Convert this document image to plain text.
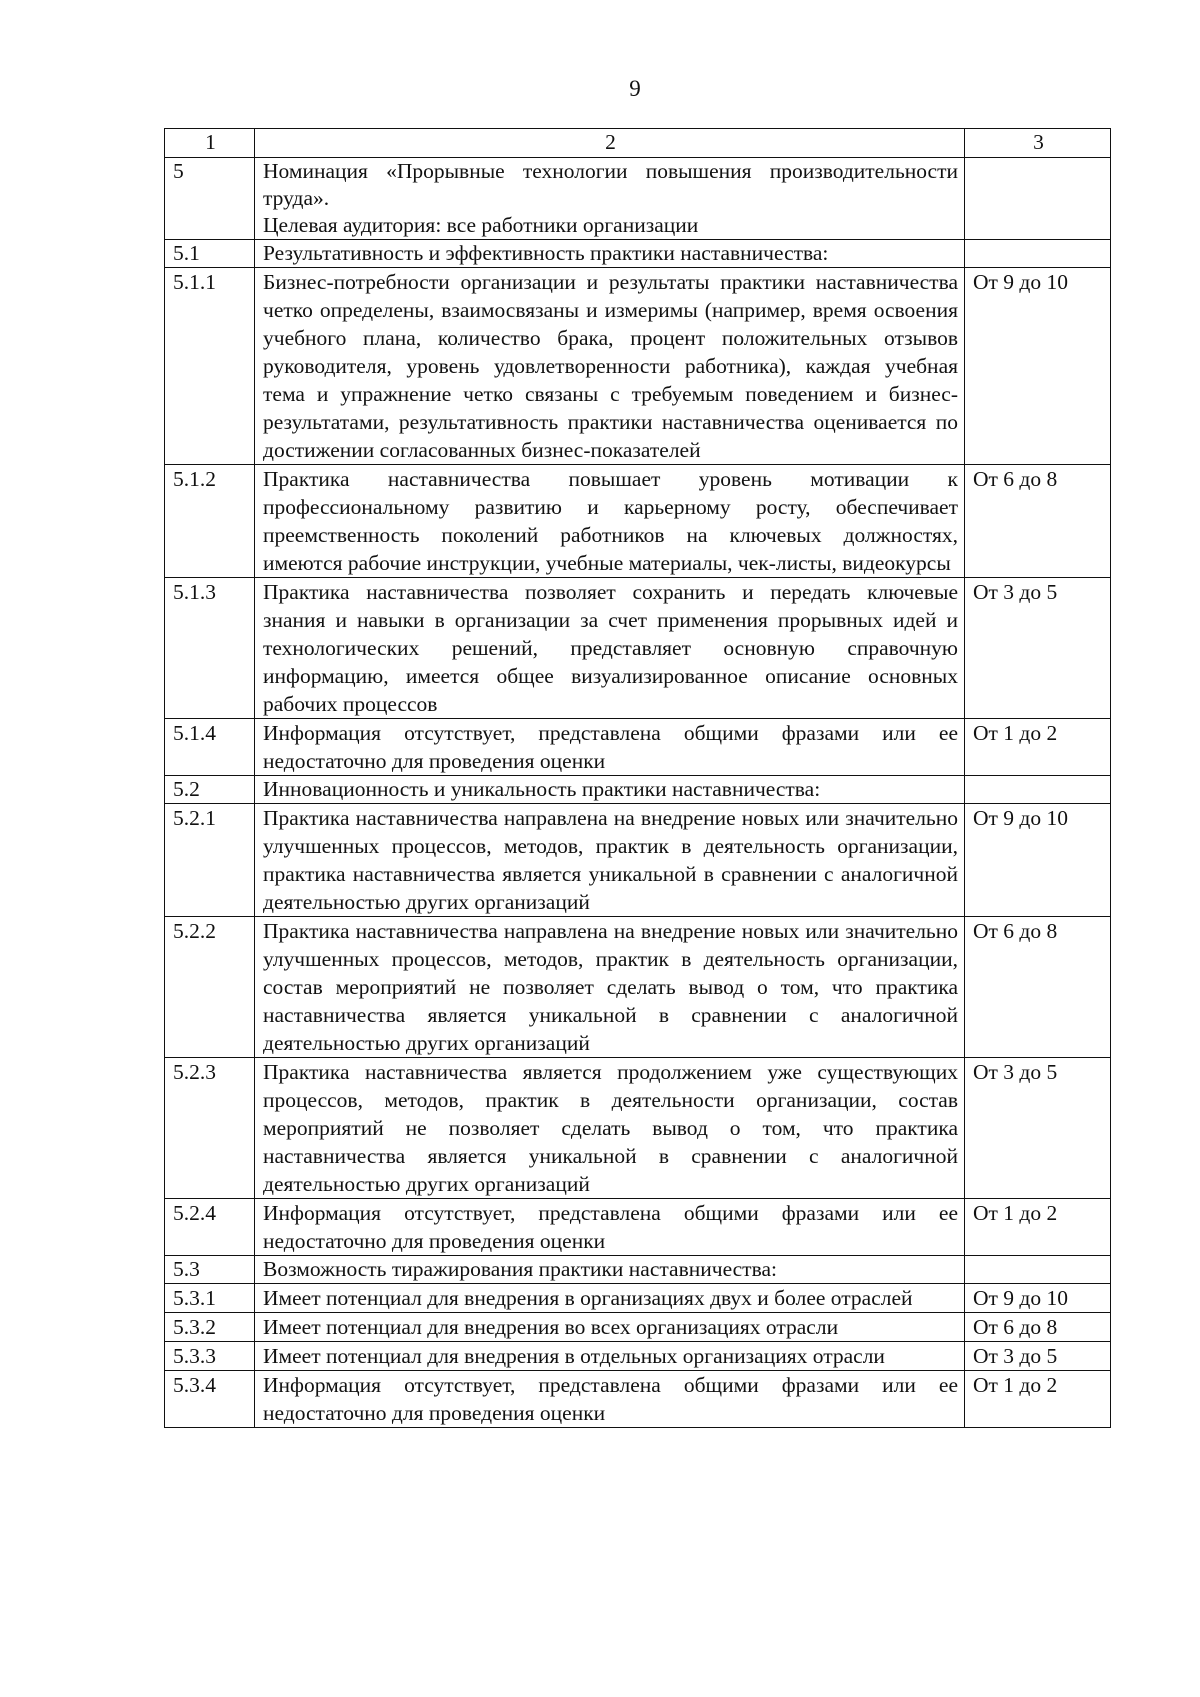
9
1	2	3
5	Номинация «Прорывные технологии повышения производительности труда».
Целевая аудитория: все работники организации	
5.1	Результативность и эффективность практики наставничества:	
5.1.1	Бизнес-потребности организации и результаты практики наставничества четко определены, взаимосвязаны и измеримы (например, время освоения учебного плана, количество брака, процент положительных отзывов руководителя, уровень удовлетворенности работника), каждая учебная тема и упражнение четко связаны с требуемым поведением и бизнес-результатами, результативность практики наставничества оценивается по достижении согласованных бизнес-показателей	От 9 до 10
5.1.2	Практика наставничества повышает уровень мотивации к профессиональному развитию и карьерному росту, обеспечивает преемственность поколений работников на ключевых должностях, имеются рабочие инструкции, учебные материалы, чек-листы, видеокурсы	От 6 до 8
5.1.3	Практика наставничества позволяет сохранить и передать ключевые знания и навыки в организации за счет применения прорывных идей и технологических решений, представляет основную справочную информацию, имеется общее визуализированное описание основных рабочих процессов	От 3 до 5
5.1.4	Информация отсутствует, представлена общими фразами или ее недостаточно для проведения оценки	От 1 до 2
5.2	Инновационность и уникальность практики наставничества:	
5.2.1	Практика наставничества направлена на внедрение новых или значительно улучшенных процессов, методов, практик в деятельность организации, практика наставничества является уникальной в сравнении с аналогичной деятельностью других организаций	От 9 до 10
5.2.2	Практика наставничества направлена на внедрение новых или значительно улучшенных процессов, методов, практик в деятельность организации, состав мероприятий не позволяет сделать вывод о том, что практика наставничества является уникальной в сравнении с аналогичной деятельностью других организаций	От 6 до 8
5.2.3	Практика наставничества является продолжением уже существующих процессов, методов, практик в деятельности организации, состав мероприятий не позволяет сделать вывод о том, что практика наставничества является уникальной в сравнении с аналогичной деятельностью других организаций	От 3 до 5
5.2.4	Информация отсутствует, представлена общими фразами или ее недостаточно для проведения оценки	От 1 до 2
5.3	Возможность тиражирования практики наставничества:	
5.3.1	Имеет потенциал для внедрения в организациях двух и более отраслей	От 9 до 10
5.3.2	Имеет потенциал для внедрения во всех организациях отрасли	От 6 до 8
5.3.3	Имеет потенциал для внедрения в отдельных организациях отрасли	От 3 до 5
5.3.4	Информация отсутствует, представлена общими фразами или ее недостаточно для проведения оценки	От 1 до 2
